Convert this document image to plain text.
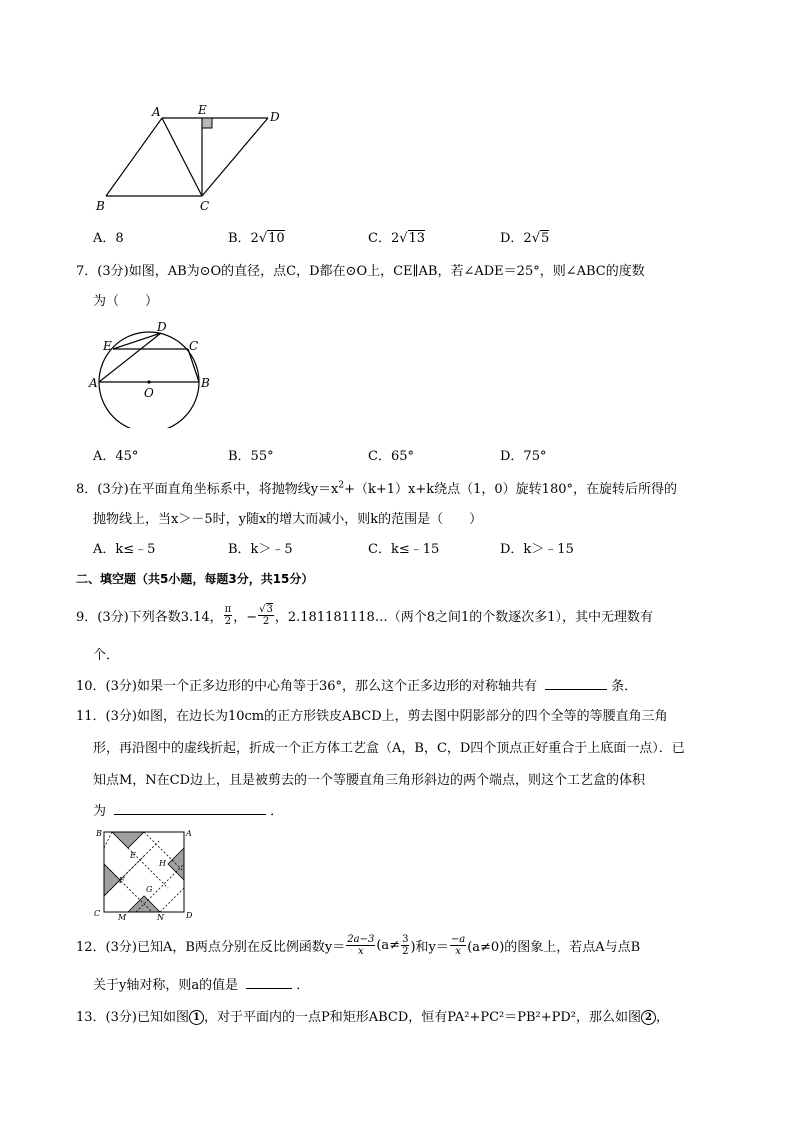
A	E	D
B	C
A．8	B．2√10	C．2√13	D．2√5
7．(3分)如图，AB为⊙O的直径，点C，D都在⊙O上，CE∥AB，若∠ADE＝25°，则∠ABC的度数
为（　　）
D
E	C
A	B
O
A．45°	B．55°	C．65°	D．75°
8．(3分)在平面直角坐标系中，将抛物线$y=x^2+(k+1)x+k$绕点（1，0）旋转180°，在旋转后所得的
抛物线上，当x＞－5时，y随x的增大而减小，则k的范围是（　　）
A．k≤﹣5	B．k＞﹣5	C．k≤﹣15	D．k＞﹣15
二、填空题（共5小题，每题3分，共15分）
9．(3分) 下列各数3.14， $\frac{\pi}{2}$ ，− $\frac{√3}{2}$ ，2.181181118…（两个8之间1的个数逐次多1），其中无理数有
个．
10．(3分)如果一个正多边形的中心角等于36°，那么这个正多边形的对称轴共有	条．
11．(3分)如图，在边长为10cm的正方形铁皮ABCD上，剪去图中阴影部分的四个全等的等腰直角三角
形，再沿图中的虚线折起，折成一个正方体工艺盒（A，B，C，D四个顶点正好重合于上底面一点）．已
知点M，N在CD边上，且是被剪去的一个等腰直角三角形斜边的两个端点，则这个工艺盒的体积
为	．
B	A
C	D
E
H
F
G
M	N
12．(3分) 已知A，B两点分别在反比例函数$y= \frac{2a-3}{x} (a\ne \frac{3}{2}$ )和$y= \frac{-a}{x} (a\ne 0)$的图象上，若点A与点B
关于y轴对称，则a的值是	．
13．(3分)已知如图 1 ，对于平面内的一点P和矩形ABCD，恒有PA²+PC²＝PB²+PD²，那么如图 2 ，
